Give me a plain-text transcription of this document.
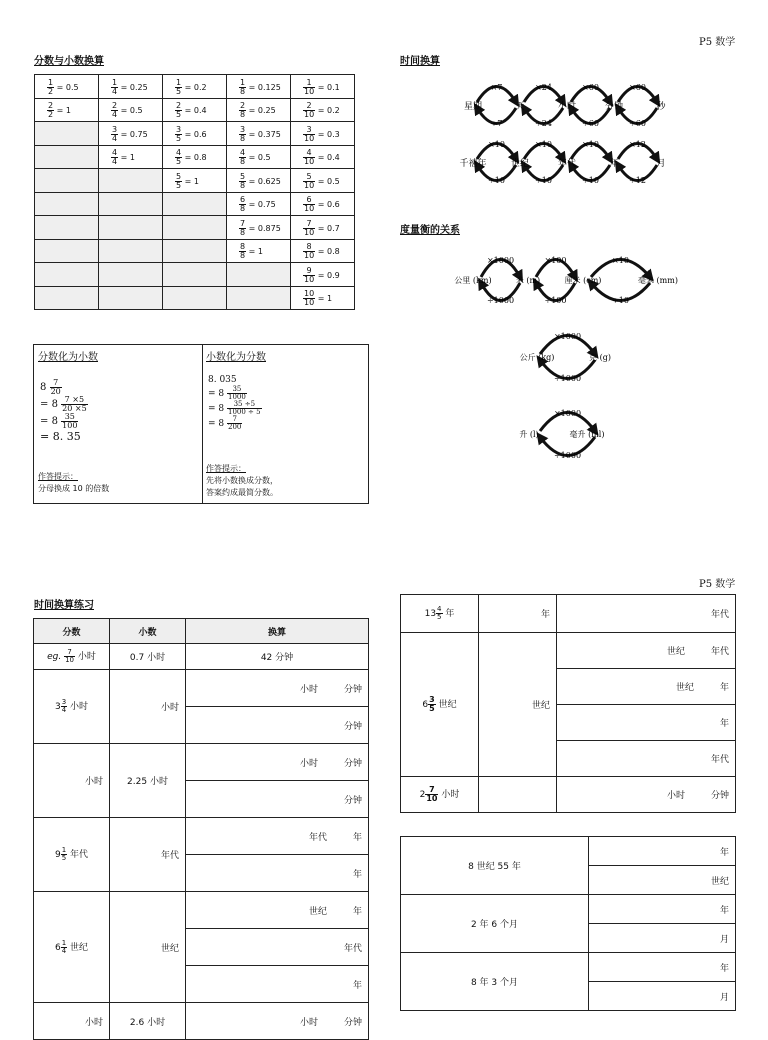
P5 数学
P5 数学
分数与小数换算
$\frac{1}{2} = 0.5$	$\frac{1}{4} = 0.25$	$\frac{1}{5} = 0.2$	$\frac{1}{8} = 0.125$	$\frac{1}{10} = 0.1$

$\frac{2}{2} = 1$	$\frac{2}{4} = 0.5$	$\frac{2}{5} = 0.4$	$\frac{2}{8} = 0.25$	$\frac{2}{10} = 0.2$

	$\frac{3}{4} = 0.75$	$\frac{3}{5} = 0.6$	$\frac{3}{8} = 0.375$	$\frac{3}{10} = 0.3$

	$\frac{4}{4} = 1$	$\frac{4}{5} = 0.8$	$\frac{4}{8} = 0.5$	$\frac{4}{10} = 0.4$

		$\frac{5}{5} = 1$	$\frac{5}{8} = 0.625$	$\frac{5}{10} = 0.5$

			$\frac{6}{8} = 0.75$	$\frac{6}{10} = 0.6$

			$\frac{7}{8} = 0.875$	$\frac{7}{10} = 0.7$

			$\frac{8}{8} = 1$	$\frac{8}{10} = 0.8$

				$\frac{9}{10} = 0.9$

				$\frac{10}{10} = 1$
分数化为小数
$8 \frac{7}{20}$
= $8 \frac{7 \times 5}{20 \times 5}$
= $8 \frac{35}{100}$
= 8. 35
作答提示：
分母换成 10 的倍数
小数化为分数
8. 035
= $8 \frac{35}{1000}$
= $8 \frac{35 \div 5}{1000 \div 5}$
= $8 \frac{7}{200}$
作答提示：
先将小数换成分数，
答案约成最简分数。
时间换算
×7
÷7
×24
÷24
×60
÷60
×60
÷60
星期	天	小时	分钟	秒
×10
÷10
×10
÷10
×10
÷10
×12
÷12
千禧年	世纪	年代	年	月
度量衡的关系
×1000
÷1000
×100
÷100
×10
÷10
公里 (km)	米 (m)	厘米 (cm)	毫米 (mm)
×1000
÷1000
公斤 (kg)	克 (g)
×1000
÷1000
升 (l)	毫升 (ml)
时间换算练习
分数	小数	换算
eg. $\frac{7}{10}$ 小时	0.7 小时	42 分钟
$3 \frac{3}{4}$ 小时	小时	小时 分钟

		分钟
小时	2.25 小时	小时 分钟

		分钟
$9 \frac{1}{5}$ 年代	年代	年代 年

		年
$6 \frac{1}{4}$ 世纪	世纪	世纪 年

		年代
		年
小时	2.6 小时	小时 分钟
$13 \frac{4}{5}$ 年	年	年代
$6 \frac{3}{5}$ 世纪	世纪	世纪 年代

		世纪 年

		年
		年代
$2 \frac{7}{10}$ 小时		小时 分钟
8 世纪 55 年	年
	世纪
2 年 6 个月	年
	月
8 年 3 个月	年
	月
